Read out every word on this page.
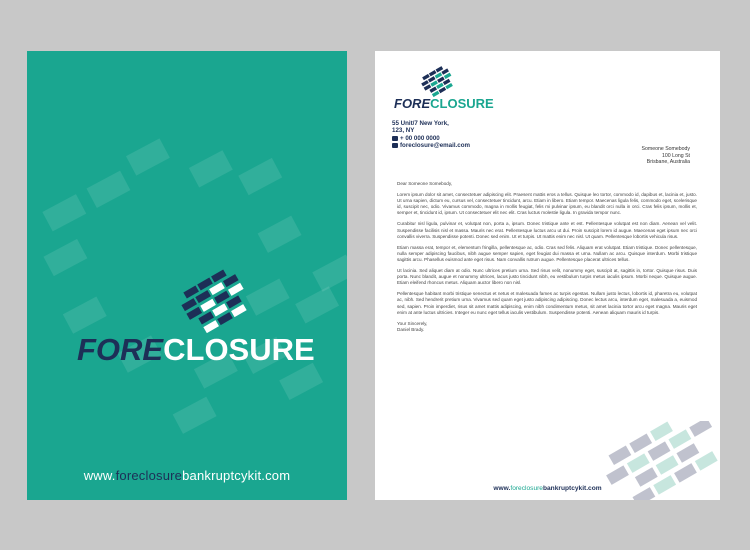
FORECLOSURE
www.foreclosurebankruptcykit.com
FORECLOSURE
55 Unit/7 New York,
123, NY
+ 00 000 0000
foreclosure@email.com	Someone Somebody
100 Long St
Brisbane, Australia

Dear Someone Somebody,

Lorem ipsum dolor sit amet, consectetuer adipiscing elit. Praesent mattis eros a tellus. Quisque leo tortor, commodo id, dapibus et, lacinia et, justo. Ut urna sapien, dictum eu, cursus vel, consectetuer tincidunt, arcu. Etiam in libero. Etiam tempor. Maecenas ligula felis, commodo eget, scelerisque id, suscipit nec, odio. Vivamus commodo, magna in mollis feugiat, felis mi pulvinar ipsum, eu blandit orci nulla in orci. Cras felis ipsum, mollis et, semper et, tincidunt id, ipsum. Ut consectetuer elit nec elit. Cras luctus molestie ligula. In gravida tempor nunc.

Curabitur nisl ligula, pulvinar et, volutpat non, porta a, ipsum. Donec tristique ante et est. Pellentesque volutpat est non diam. Aenean vel velit. Suspendisse facilisis nisl et massa. Mauris nec erat. Pellentesque luctus arcu ut dui. Proin suscipit lorem id augue. Maecenas eget ipsum nec orci convallis viverra. Suspendisse potenti. Donec sed enim. Ut et turpis. Ut mattis enim nec nisl. Ut quam. Pellentesque lobortis vehicula risus.

Etiam massa erat, tempor et, elementum fringilla, pellentesque ac, odio. Cras sed felis. Aliquam erat volutpat. Etiam tristique. Donec pellentesque, nulla semper adipiscing faucibus, nibh augue semper sapien, eget feugiat dui massa et urna. Nullam ac arcu. Quisque interdum. Morbi tristique sagittis arcu. Phasellus euismod ante eget risus. Nam convallis rutrum augue. Pellentesque placerat ultrices tellus.

Ut lacinia. Sed aliquet diam at odio. Nunc ultrices pretium urna. Sed risus velit, nonummy eget, suscipit at, sagittis in, tortor. Quisque risus. Duis porta. Nunc blandit, augue et nonummy ultrices, lacus justo tincidunt nibh, eu vestibulum turpis metus iaculis ipsum. Morbi neque. Quisque augue. Etiam eleifend rhoncus metus. Aliquam auctor libero non nisl.

Pellentesque habitant morbi tristique senectus et netus et malesuada fames ac turpis egestas. Nullam justo lectus, lobortis id, pharetra eu, volutpat ac, nibh. Sed hendrerit pretium urna. Vivamus sed quam eget justo adipiscing adipiscing. Donec lectus arcu, interdum eget, malesuada a, euismod sed, sapien. Proin imperdiet, risus sit amet mattis adipiscing, enim nibh condimentum metus, sit amet lacinia tortor arcu eget magna. Mauris eget enim at ante luctus ultricies. Integer eu nunc eget tellus iaculis vestibulum. Suspendisse potenti. Aenean aliquam mauris id turpis.

Your Sincerely,
Daniel Brady.
www.foreclosurebankruptcykit.com
